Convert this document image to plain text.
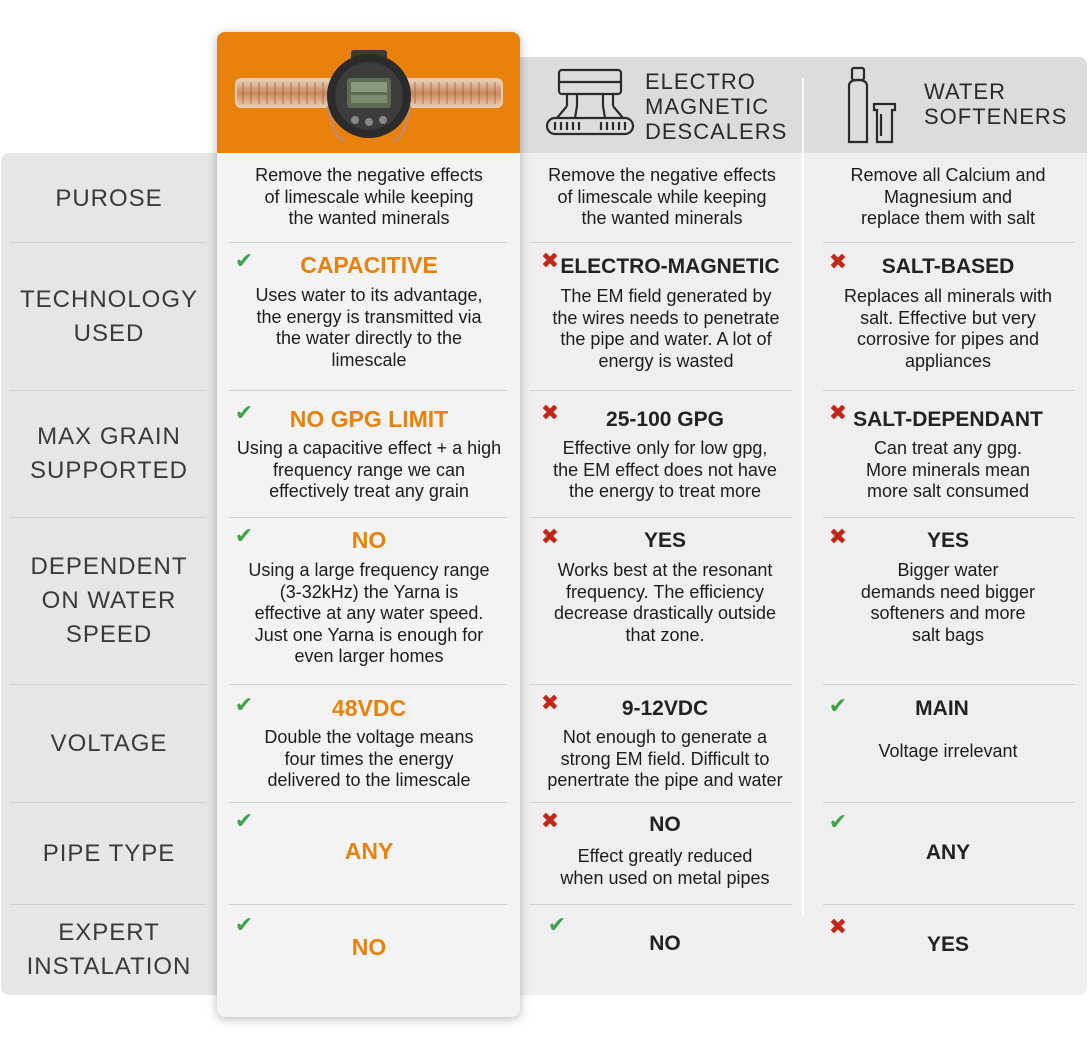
ELECTRO
MAGNETIC
DESCALERS
WATER
SOFTENERS
PUROSE
Remove the negative effects
of limescale while keeping
the wanted minerals
Remove the negative effects
of limescale while keeping
the wanted minerals
Remove all Calcium and
Magnesium and
replace them with salt
TECHNOLOGY
USED
✔	CAPACITIVE
Uses water to its advantage,
the energy is transmitted via
the water directly to the
limescale
✖ ELECTRO-MAGNETIC
The EM field generated by
the wires needs to penetrate
the pipe and water. A lot of
energy is wasted
✖	SALT-BASED
Replaces all minerals with
salt. Effective but very
corrosive for pipes and
appliances
MAX GRAIN
SUPPORTED
✔	NO GPG LIMIT
Using a capacitive effect + a high
frequency range we can
effectively treat any grain
✖	25-100 GPG
Effective only for low gpg,
the EM effect does not have
the energy to treat more
✖ SALT-DEPENDANT
Can treat any gpg.
More minerals mean
more salt consumed
DEPENDENT
ON WATER
SPEED
✔	NO
Using a large frequency range
(3-32kHz) the Yarna is
effective at any water speed.
Just one Yarna is enough for
even larger homes
✖	YES
Works best at the resonant
frequency. The efficiency
decrease drastically outside
that zone.
✖	YES
Bigger water
demands need bigger
softeners and more
salt bags
VOLTAGE
✔	48VDC
Double the voltage means
four times the energy
delivered to the limescale
✖	9-12VDC
Not enough to generate a
strong EM field. Difficult to
penertrate the pipe and water
✔	MAIN
Voltage irrelevant
PIPE TYPE
✔
ANY
✖	NO
Effect greatly reduced
when used on metal pipes
✔
ANY
EXPERT
INSTALATION
✔
NO
✔
NO
✖
YES
